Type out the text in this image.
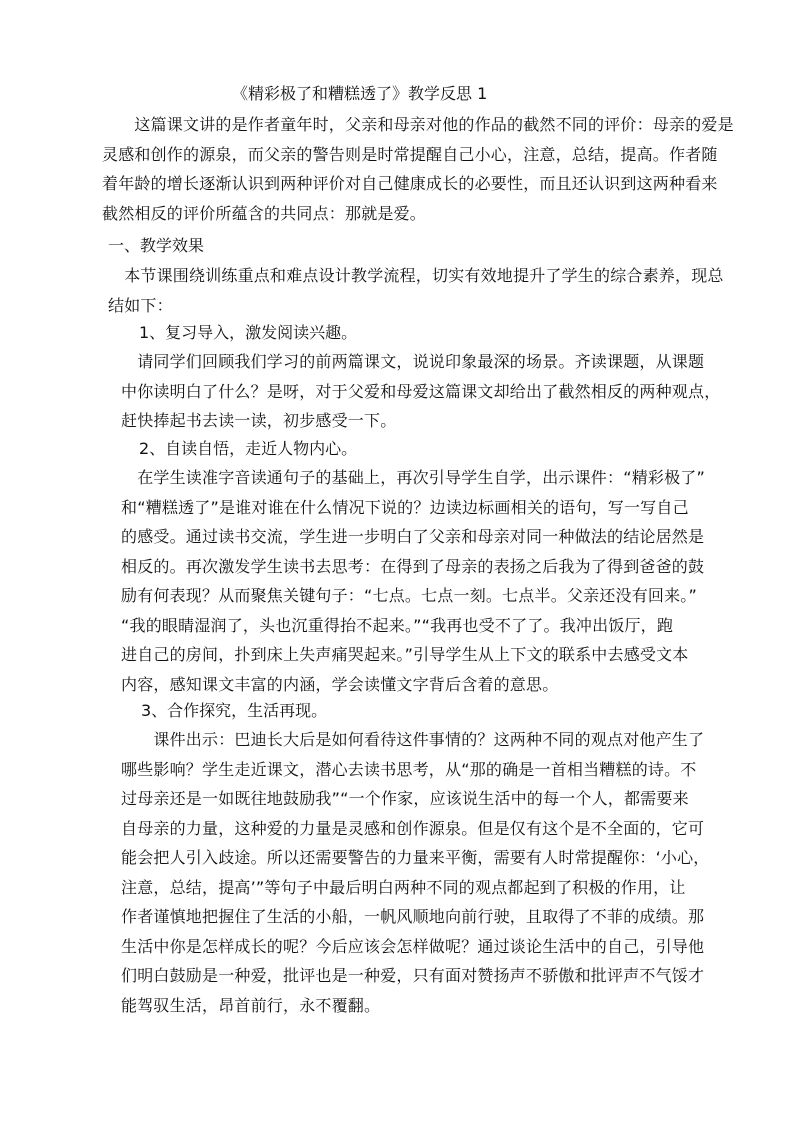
《精彩极了和糟糕透了》教学反思 1
　　这篇课文讲的是作者童年时，父亲和母亲对他的作品的截然不同的评价：母亲的爱是
灵感和创作的源泉，而父亲的警告则是时常提醒自己小心，注意，总结，提高。作者随
着年龄的增长逐渐认识到两种评价对自己健康成长的必要性，而且还认识到这两种看来
截然相反的评价所蕴含的共同点：那就是爱。
一、教学效果
　本节课围绕训练重点和难点设计教学流程，切实有效地提升了学生的综合素养，现总
结如下：
1、复习导入，激发阅读兴趣。
　请同学们回顾我们学习的前两篇课文，说说印象最深的场景。齐读课题，从课题
中你读明白了什么？是呀，对于父爱和母爱这篇课文却给出了截然相反的两种观点，
赶快捧起书去读一读，初步感受一下。
2、自读自悟，走近人物内心。
　在学生读准字音读通句子的基础上，再次引导学生自学，出示课件：“精彩极了”
和“糟糕透了”是谁对谁在什么情况下说的？边读边标画相关的语句，写一写自己
的感受。通过读书交流，学生进一步明白了父亲和母亲对同一种做法的结论居然是
相反的。再次激发学生读书去思考：在得到了母亲的表扬之后我为了得到爸爸的鼓
励有何表现？从而聚焦关键句子：“七点。七点一刻。七点半。父亲还没有回来。”
“我的眼睛湿润了，头也沉重得抬不起来。”“我再也受不了了。我冲出饭厅，跑
进自己的房间，扑到床上失声痛哭起来。”引导学生从上下文的联系中去感受文本
内容，感知课文丰富的内涵，学会读懂文字背后含着的意思。
3、合作探究，生活再现。
　　课件出示：巴迪长大后是如何看待这件事情的？这两种不同的观点对他产生了
哪些影响？学生走近课文，潜心去读书思考，从“那的确是一首相当糟糕的诗。不
过母亲还是一如既往地鼓励我”“一个作家，应该说生活中的每一个人，都需要来
自母亲的力量，这种爱的力量是灵感和创作源泉。但是仅有这个是不全面的，它可
能会把人引入歧途。所以还需要警告的力量来平衡，需要有人时常提醒你：‘小心，
注意，总结，提高’”等句子中最后明白两种不同的观点都起到了积极的作用，让
作者谨慎地把握住了生活的小船，一帆风顺地向前行驶，且取得了不菲的成绩。那
生活中你是怎样成长的呢？今后应该会怎样做呢？通过谈论生活中的自己，引导他
们明白鼓励是一种爱，批评也是一种爱，只有面对赞扬声不骄傲和批评声不气馁才
能驾驭生活，昂首前行，永不覆翻。
